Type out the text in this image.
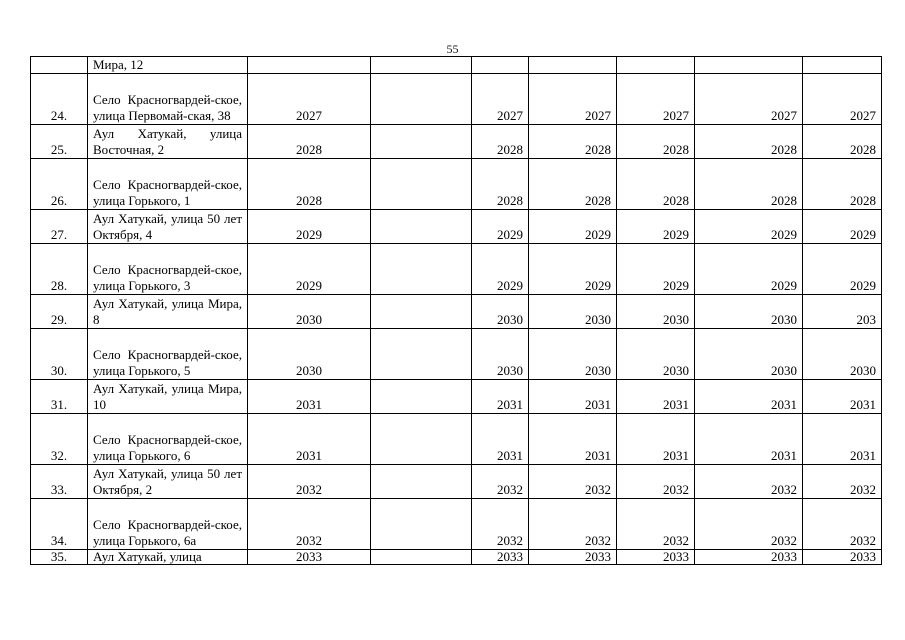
55
	Мира, 12							
24.	Село Красногвардей-ское, улица Первомай-ская, 38	2027		2027	2027	2027	2027	2027
25.	Аул Хатукай, улица Восточная, 2	2028		2028	2028	2028	2028	2028
26.	Село Красногвардей-ское, улица Горького, 1	2028		2028	2028	2028	2028	2028
27.	Аул Хатукай, улица 50 лет Октября, 4	2029		2029	2029	2029	2029	2029
28.	Село Красногвардей-ское, улица Горького, 3	2029		2029	2029	2029	2029	2029
29.	Аул Хатукай, улица Мира, 8	2030		2030	2030	2030	2030	203
30.	Село Красногвардей-ское, улица Горького, 5	2030		2030	2030	2030	2030	2030
31.	Аул Хатукай, улица Мира, 10	2031		2031	2031	2031	2031	2031
32.	Село Красногвардей-ское, улица Горького, 6	2031		2031	2031	2031	2031	2031
33.	Аул Хатукай, улица 50 лет Октября, 2	2032		2032	2032	2032	2032	2032
34.	Село Красногвардей-ское, улица Горького, 6а	2032		2032	2032	2032	2032	2032
35.	Аул Хатукай, улица	2033		2033	2033	2033	2033	2033
